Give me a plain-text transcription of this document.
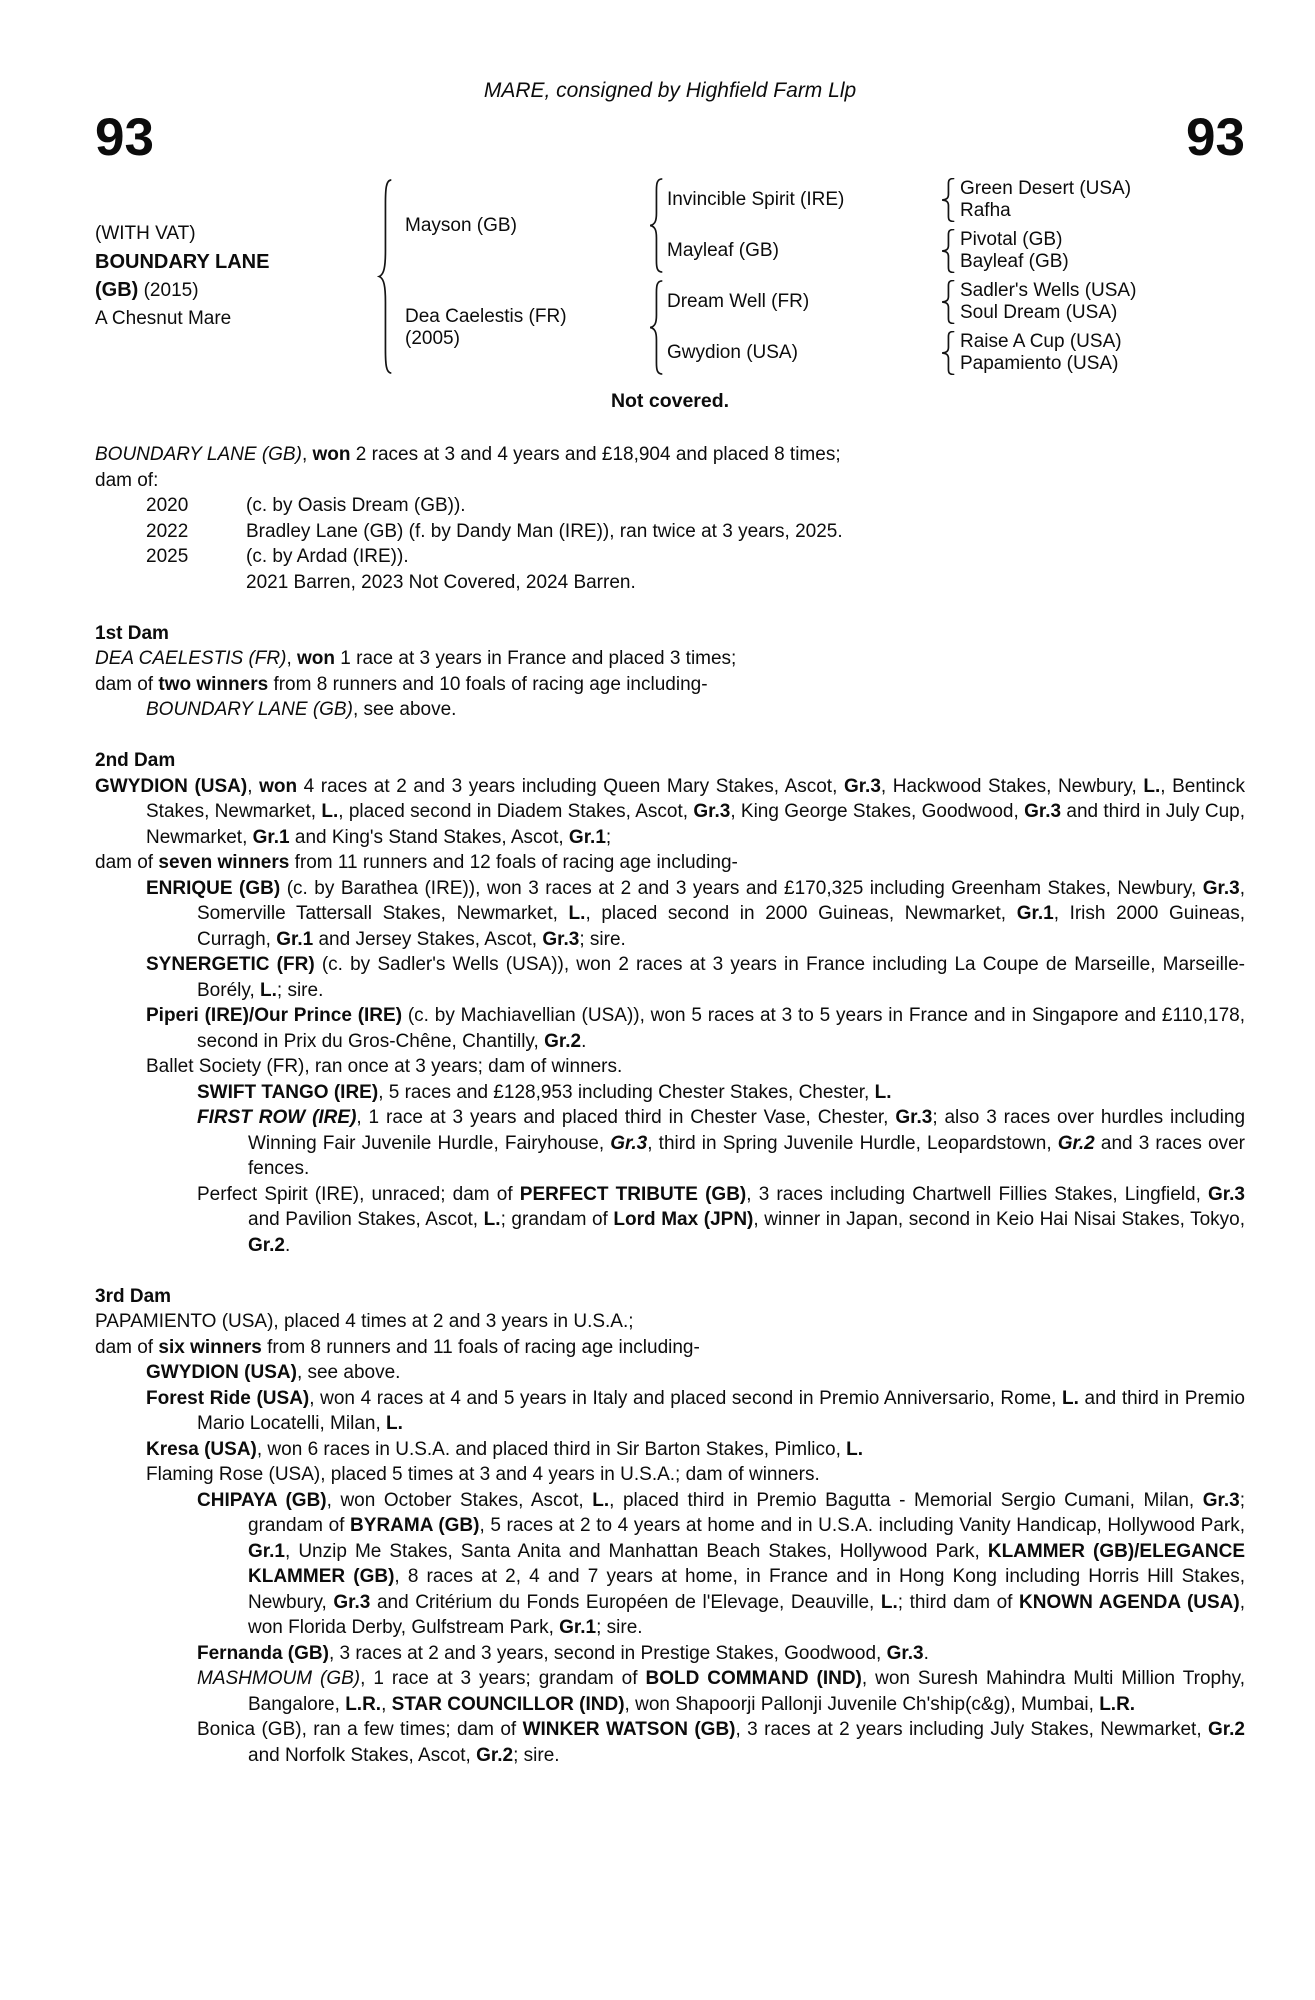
MARE, consigned by Highfield Farm Llp
93	93
(WITH VAT)
BOUNDARY LANE
(GB) (2015)
A Chesnut Mare
Mayson (GB)
Dea Caelestis (FR)
(2005)
Invincible Spirit (IRE)
Mayleaf (GB)
Dream Well (FR)
Gwydion (USA)
Green Desert (USA)
Rafha
Pivotal (GB)
Bayleaf (GB)
Sadler's Wells (USA)
Soul Dream (USA)
Raise A Cup (USA)
Papamiento (USA)
Not covered.
BOUNDARY LANE (GB), won 2 races at 3 and 4 years and £18,904 and placed 8 times;
dam of:
2020	(c. by Oasis Dream (GB)).
2022	Bradley Lane (GB) (f. by Dandy Man (IRE)), ran twice at 3 years, 2025.
2025	(c. by Ardad (IRE)).
2021 Barren, 2023 Not Covered, 2024 Barren.
1st Dam
DEA CAELESTIS (FR), won 1 race at 3 years in France and placed 3 times;
dam of two winners from 8 runners and 10 foals of racing age including-
BOUNDARY LANE (GB), see above.
2nd Dam
GWYDION (USA), won 4 races at 2 and 3 years including Queen Mary Stakes, Ascot, Gr.3, Hackwood Stakes, Newbury, L., Bentinck Stakes, Newmarket, L., placed second in Diadem Stakes, Ascot, Gr.3, King George Stakes, Goodwood, Gr.3 and third in July Cup, Newmarket, Gr.1 and King's Stand Stakes, Ascot, Gr.1;
dam of seven winners from 11 runners and 12 foals of racing age including-
ENRIQUE (GB) (c. by Barathea (IRE)), won 3 races at 2 and 3 years and £170,325 including Greenham Stakes, Newbury, Gr.3, Somerville Tattersall Stakes, Newmarket, L., placed second in 2000 Guineas, Newmarket, Gr.1, Irish 2000 Guineas, Curragh, Gr.1 and Jersey Stakes, Ascot, Gr.3; sire.
SYNERGETIC (FR) (c. by Sadler's Wells (USA)), won 2 races at 3 years in France including La Coupe de Marseille, Marseille-Borély, L.; sire.
Piperi (IRE)/Our Prince (IRE) (c. by Machiavellian (USA)), won 5 races at 3 to 5 years in France and in Singapore and £110,178, second in Prix du Gros-Chêne, Chantilly, Gr.2.
Ballet Society (FR), ran once at 3 years; dam of winners.
SWIFT TANGO (IRE), 5 races and £128,953 including Chester Stakes, Chester, L.
FIRST ROW (IRE), 1 race at 3 years and placed third in Chester Vase, Chester, Gr.3; also 3 races over hurdles including Winning Fair Juvenile Hurdle, Fairyhouse, Gr.3, third in Spring Juvenile Hurdle, Leopardstown, Gr.2 and 3 races over fences.
Perfect Spirit (IRE), unraced; dam of PERFECT TRIBUTE (GB), 3 races including Chartwell Fillies Stakes, Lingfield, Gr.3 and Pavilion Stakes, Ascot, L.; grandam of Lord Max (JPN), winner in Japan, second in Keio Hai Nisai Stakes, Tokyo, Gr.2.
3rd Dam
PAPAMIENTO (USA), placed 4 times at 2 and 3 years in U.S.A.;
dam of six winners from 8 runners and 11 foals of racing age including-
GWYDION (USA), see above.
Forest Ride (USA), won 4 races at 4 and 5 years in Italy and placed second in Premio Anniversario, Rome, L. and third in Premio Mario Locatelli, Milan, L.
Kresa (USA), won 6 races in U.S.A. and placed third in Sir Barton Stakes, Pimlico, L.
Flaming Rose (USA), placed 5 times at 3 and 4 years in U.S.A.; dam of winners.
CHIPAYA (GB), won October Stakes, Ascot, L., placed third in Premio Bagutta - Memorial Sergio Cumani, Milan, Gr.3; grandam of BYRAMA (GB), 5 races at 2 to 4 years at home and in U.S.A. including Vanity Handicap, Hollywood Park, Gr.1, Unzip Me Stakes, Santa Anita and Manhattan Beach Stakes, Hollywood Park, KLAMMER (GB)/ELEGANCE KLAMMER (GB), 8 races at 2, 4 and 7 years at home, in France and in Hong Kong including Horris Hill Stakes, Newbury, Gr.3 and Critérium du Fonds Européen de l'Elevage, Deauville, L.; third dam of KNOWN AGENDA (USA), won Florida Derby, Gulfstream Park, Gr.1; sire.
Fernanda (GB), 3 races at 2 and 3 years, second in Prestige Stakes, Goodwood, Gr.3.
MASHMOUM (GB), 1 race at 3 years; grandam of BOLD COMMAND (IND), won Suresh Mahindra Multi Million Trophy, Bangalore, L.R., STAR COUNCILLOR (IND), won Shapoorji Pallonji Juvenile Ch'ship(c&g), Mumbai, L.R.
Bonica (GB), ran a few times; dam of WINKER WATSON (GB), 3 races at 2 years including July Stakes, Newmarket, Gr.2 and Norfolk Stakes, Ascot, Gr.2; sire.
